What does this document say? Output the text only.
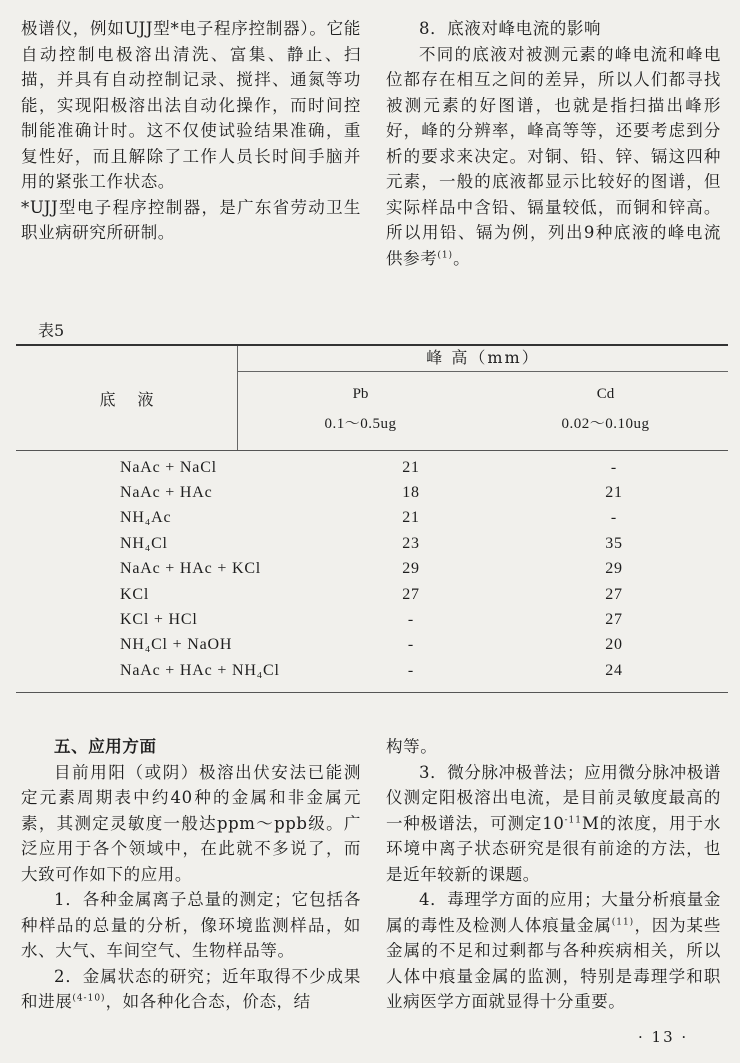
极谱仪，例如UJJ型*电子程序控制器）。它能自动控制电极溶出清洗、富集、静止、扫描，并具有自动控制记录、搅拌、通氮等功能，实现阳极溶出法自动化操作，而时间控制能准确计时。这不仅使试验结果准确，重复性好，而且解除了工作人员长时间手脑并用的紧张工作状态。

*UJJ型电子程序控制器，是广东省劳动卫生职业病研究所研制。

8．底液对峰电流的影响

不同的底液对被测元素的峰电流和峰电位都存在相互之间的差异，所以人们都寻找被测元素的好图谱，也就是指扫描出峰形好，峰的分辨率，峰高等等，还要考虑到分析的要求来决定。对铜、铅、锌、镉这四种元素，一般的底液都显示比较好的图谱，但实际样品中含铅、镉量较低，而铜和锌高。所以用铅、镉为例，列出9种底液的峰电流供参考$^{(1)}$。

表5
底液
峰 高（mm）
Pb
0.1～0.5ug
Cd
0.02～0.10ug
NaAc + NaCl	21	-
NaAc + HAc	18	21
NH₄Ac	21	-
NH₄Cl	23	35
NaAc + HAc + KCl	29	29
KCl	27	27
KCl + HCl	-	27
NH₄Cl + NaOH	-	20
NaAc + HAc + NH₄Cl	-	24

五、应用方面

目前用阳（或阴）极溶出伏安法已能测定元素周期表中约40种的金属和非金属元素，其测定灵敏度一般达ppm～ppb级。广泛应用于各个领域中，在此就不多说了，而大致可作如下的应用。

1．各种金属离子总量的测定；它包括各种样品的总量的分析，像环境监测样品，如水、大气、车间空气、生物样品等。

2．金属状态的研究；近年取得不少成果和进展$^{(4-10)}$，如各种化合态，价态，结

构等。

3．微分脉冲极普法；应用微分脉冲极谱仪测定阳极溶出电流，是目前灵敏度最高的一种极谱法，可测定$10^{-11}M$的浓度，用于水环境中离子状态研究是很有前途的方法，也是近年较新的课题。

4．毒理学方面的应用；大量分析痕量金属的毒性及检测人体痕量金属$^{(11)}$，因为某些金属的不足和过剩都与各种疾病相关，所以人体中痕量金属的监测，特别是毒理学和职业病医学方面就显得十分重要。

· 13 ·
